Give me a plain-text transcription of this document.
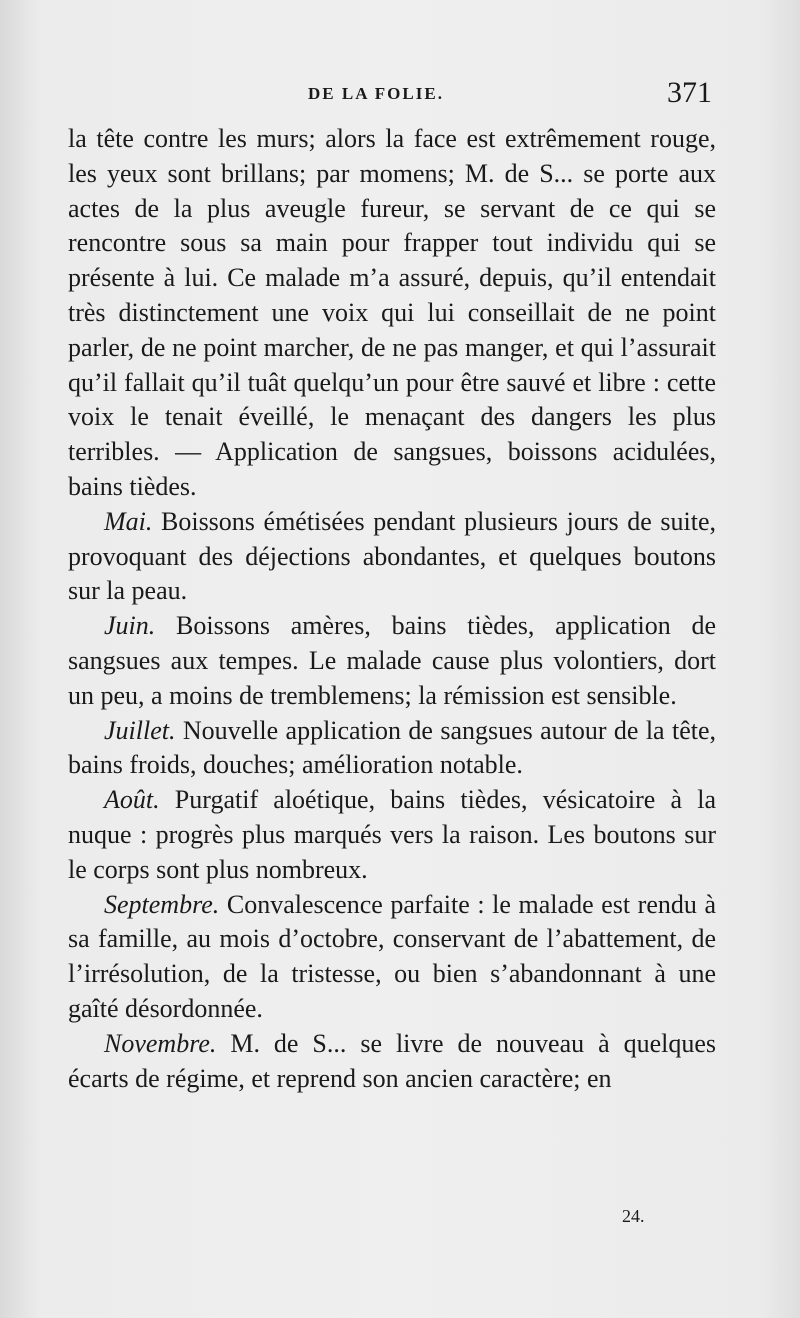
DE LA FOLIE.	371

la tête contre les murs; alors la face est extrêmement rouge, les yeux sont brillans; par momens; M. de S... se porte aux actes de la plus aveugle fureur, se servant de ce qui se rencontre sous sa main pour frapper tout individu qui se présente à lui. Ce malade m’a assuré, depuis, qu’il entendait très distinctement une voix qui lui conseillait de ne point parler, de ne point marcher, de ne pas manger, et qui l’assurait qu’il fallait qu’il tuât quelqu’un pour être sauvé et libre : cette voix le tenait éveillé, le menaçant des dangers les plus terribles. — Application de sangsues, boissons acidulées, bains tièdes.

Mai. Boissons émétisées pendant plusieurs jours de suite, provoquant des déjections abondantes, et quelques boutons sur la peau.

Juin. Boissons amères, bains tièdes, application de sangsues aux tempes. Le malade cause plus volontiers, dort un peu, a moins de tremblemens; la rémission est sensible.

Juillet. Nouvelle application de sangsues autour de la tête, bains froids, douches; amélioration notable.

Août. Purgatif aloétique, bains tièdes, vésicatoire à la nuque : progrès plus marqués vers la raison. Les boutons sur le corps sont plus nombreux.

Septembre. Convalescence parfaite : le malade est rendu à sa famille, au mois d’octobre, conservant de l’abattement, de l’irrésolution, de la tristesse, ou bien s’abandonnant à une gaîté désordonnée.

Novembre. M. de S... se livre de nouveau à quelques écarts de régime, et reprend son ancien caractère; en

24.
